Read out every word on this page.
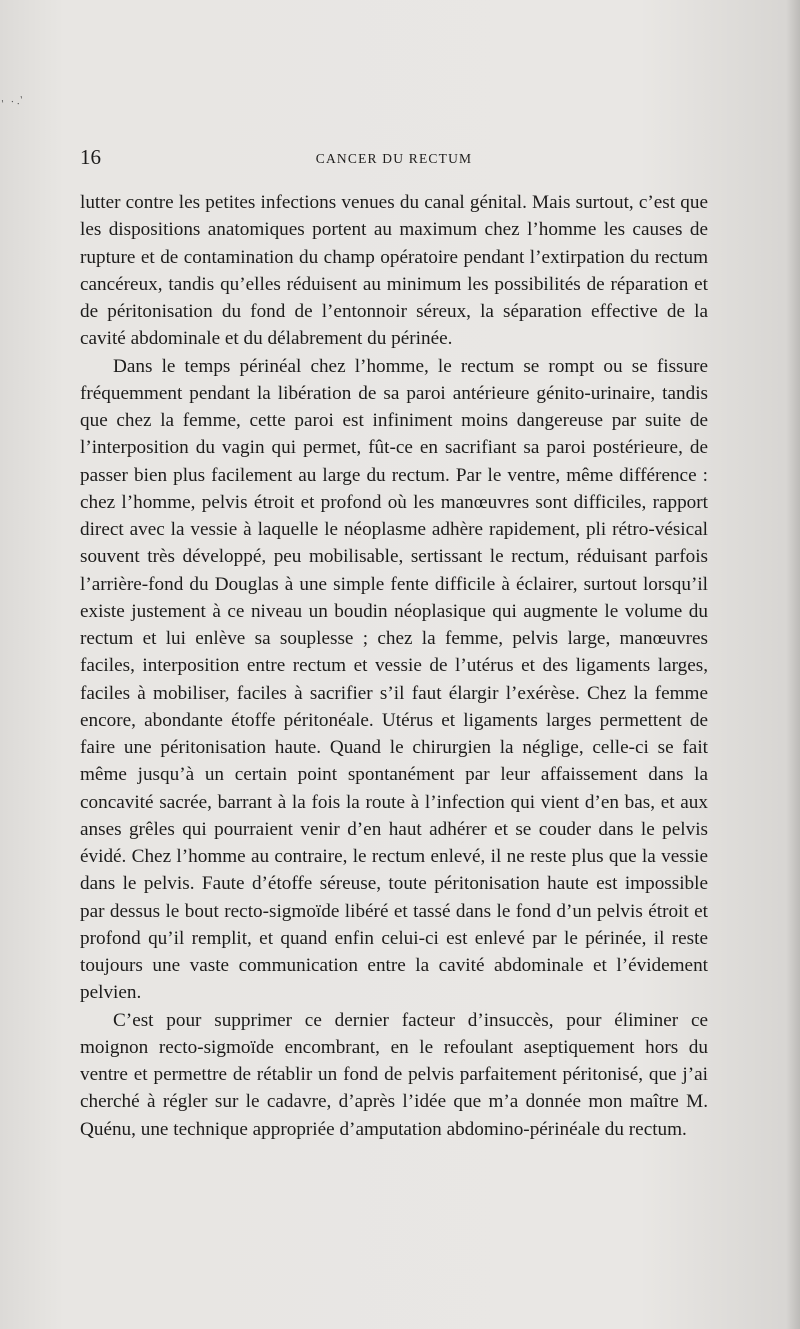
' ·.'
16	CANCER DU RECTUM

lutter contre les petites infections venues du canal génital. Mais surtout, c’est que les dispositions anatomiques portent au maximum chez l’homme les causes de rupture et de contamination du champ opératoire pendant l’extirpation du rectum cancéreux, tandis qu’elles réduisent au minimum les possibilités de réparation et de péritonisation du fond de l’entonnoir séreux, la séparation effective de la cavité abdominale et du délabrement du périnée.

Dans le temps périnéal chez l’homme, le rectum se rompt ou se fissure fréquemment pendant la libération de sa paroi antérieure génito-urinaire, tandis que chez la femme, cette paroi est infiniment moins dangereuse par suite de l’interposition du vagin qui permet, fût-ce en sacrifiant sa paroi postérieure, de passer bien plus facilement au large du rectum. Par le ventre, même différence : chez l’homme, pelvis étroit et profond où les manœuvres sont difficiles, rapport direct avec la vessie à laquelle le néoplasme adhère rapidement, pli rétro-vésical souvent très développé, peu mobilisable, sertissant le rectum, réduisant parfois l’arrière-fond du Douglas à une simple fente difficile à éclairer, surtout lorsqu’il existe justement à ce niveau un boudin néoplasique qui augmente le volume du rectum et lui enlève sa souplesse ; chez la femme, pelvis large, manœuvres faciles, interposition entre rectum et vessie de l’utérus et des ligaments larges, faciles à mobiliser, faciles à sacrifier s’il faut élargir l’exérèse. Chez la femme encore, abondante étoffe péritonéale. Utérus et ligaments larges permettent de faire une péritonisation haute. Quand le chirurgien la néglige, celle-ci se fait même jusqu’à un certain point spontanément par leur affaissement dans la concavité sacrée, barrant à la fois la route à l’infection qui vient d’en bas, et aux anses grêles qui pourraient venir d’en haut adhérer et se couder dans le pelvis évidé. Chez l’homme au contraire, le rectum enlevé, il ne reste plus que la vessie dans le pelvis. Faute d’étoffe séreuse, toute péritonisation haute est impossible par dessus le bout recto-sigmoïde libéré et tassé dans le fond d’un pelvis étroit et profond qu’il remplit, et quand enfin celui-ci est enlevé par le périnée, il reste toujours une vaste communication entre la cavité abdominale et l’évidement pelvien.

C’est pour supprimer ce dernier facteur d’insuccès, pour éliminer ce moignon recto-sigmoïde encombrant, en le refoulant aseptiquement hors du ventre et permettre de rétablir un fond de pelvis parfaitement péritonisé, que j’ai cherché à régler sur le cadavre, d’après l’idée que m’a donnée mon maître M. Quénu, une technique appropriée d’amputation abdomino-périnéale du rectum.
